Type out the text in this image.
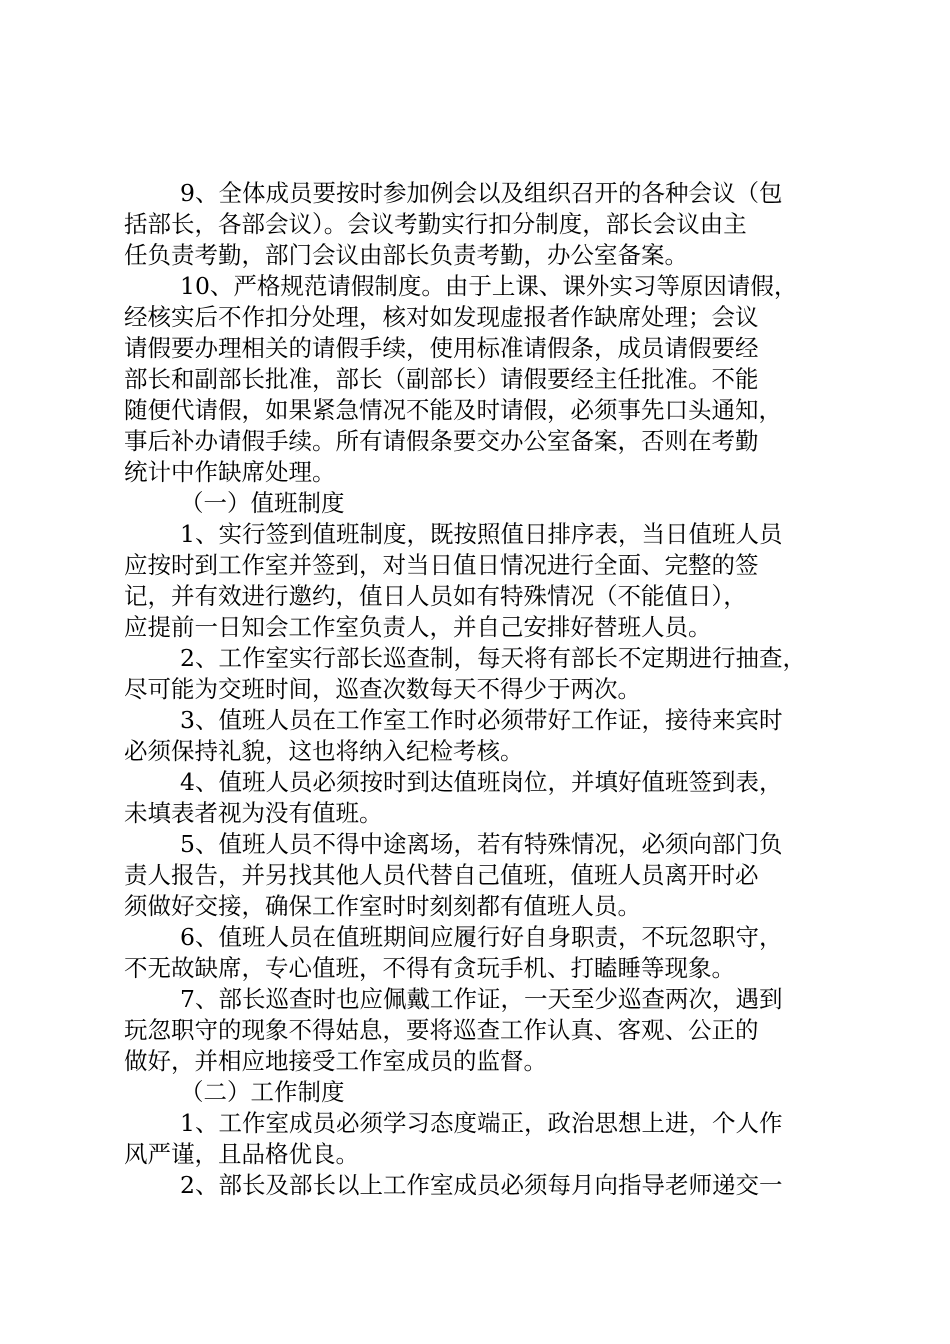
9、全体成员要按时参加例会以及组织召开的各种会议（包
括部长，各部会议）。会议考勤实行扣分制度，部长会议由主
任负责考勤，部门会议由部长负责考勤，办公室备案。
10、严格规范请假制度。由于上课、课外实习等原因请假，
经核实后不作扣分处理，核对如发现虚报者作缺席处理；会议
请假要办理相关的请假手续，使用标准请假条，成员请假要经
部长和副部长批准，部长（副部长）请假要经主任批准。不能
随便代请假，如果紧急情况不能及时请假，必须事先口头通知，
事后补办请假手续。所有请假条要交办公室备案，否则在考勤
统计中作缺席处理。
（一）值班制度
1、实行签到值班制度，既按照值日排序表，当日值班人员
应按时到工作室并签到，对当日值日情况进行全面、完整的签
记，并有效进行邀约，值日人员如有特殊情况（不能值日），
应提前一日知会工作室负责人，并自己安排好替班人员。
2、工作室实行部长巡查制，每天将有部长不定期进行抽查，
尽可能为交班时间，巡查次数每天不得少于两次。
3、值班人员在工作室工作时必须带好工作证，接待来宾时
必须保持礼貌，这也将纳入纪检考核。
4、值班人员必须按时到达值班岗位，并填好值班签到表，
未填表者视为没有值班。
5、值班人员不得中途离场，若有特殊情况，必须向部门负
责人报告，并另找其他人员代替自己值班，值班人员离开时必
须做好交接，确保工作室时时刻刻都有值班人员。
6、值班人员在值班期间应履行好自身职责，不玩忽职守，
不无故缺席，专心值班，不得有贪玩手机、打瞌睡等现象。
7、部长巡查时也应佩戴工作证，一天至少巡查两次，遇到
玩忽职守的现象不得姑息，要将巡查工作认真、客观、公正的
做好，并相应地接受工作室成员的监督。
（二）工作制度
1、工作室成员必须学习态度端正，政治思想上进，个人作
风严谨，且品格优良。
2、部长及部长以上工作室成员必须每月向指导老师递交一
